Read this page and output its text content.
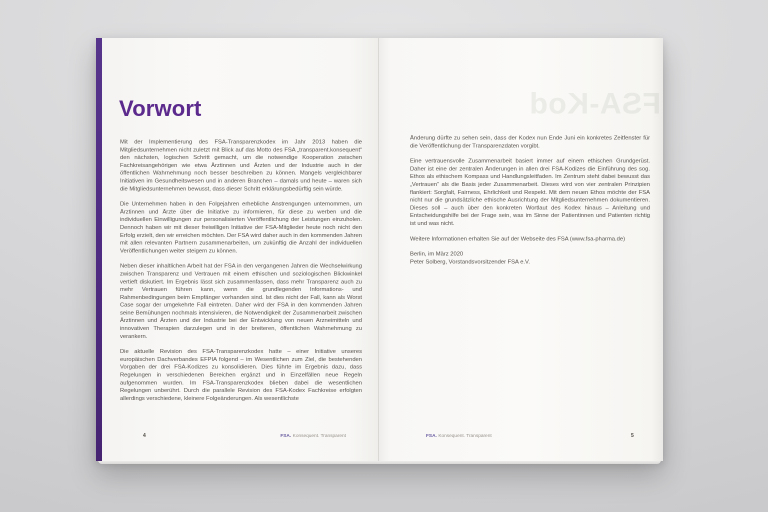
Vorwort

Mit der Implementierung des FSA-Transparenzkodex im Jahr 2013 haben die Mitgliedsunternehmen nicht zuletzt mit Blick auf das Motto des FSA „transparent.konsequent“ den nächsten, logischen Schritt gemacht, um die notwendige Kooperation zwischen Fachkreisangehörigen wie etwa Ärztinnen und Ärzten und der Industrie auch in der öffentlichen Wahrnehmung noch besser beschreiben zu können. Mangels vergleichbarer Initiativen im Gesundheitswesen und in anderen Branchen – damals und heute – waren sich die Mitgliedsunternehmen bewusst, dass dieser Schritt erklärungsbedürftig sein würde.

Die Unternehmen haben in den Folgejahren erhebliche Anstrengungen unternommen, um Ärztinnen und Ärzte über die Initiative zu informieren, für diese zu werben und die individuellen Einwilligungen zur personalisierten Veröffentlichung der Leistungen einzuholen. Dennoch haben wir mit dieser freiwilligen Initiative der FSA-Mitglieder heute noch nicht den Erfolg erzielt, den wir erreichen möchten. Der FSA wird daher auch in den kommenden Jahren mit allen relevanten Partnern zusammenarbeiten, um zukünftig die Anzahl der individuellen Veröffentlichungen weiter steigern zu können.

Neben dieser inhaltlichen Arbeit hat der FSA in den vergangenen Jahren die Wechselwirkung zwischen Transparenz und Vertrauen mit einem ethischen und soziologischen Blickwinkel vertieft diskutiert. Im Ergebnis lässt sich zusammenfassen, dass mehr Transparenz auch zu mehr Vertrauen führen kann, wenn die grundlegenden Informations- und Rahmenbedingungen beim Empfänger vorhanden sind. Ist dies nicht der Fall, kann als Worst Case sogar der umgekehrte Fall eintreten. Daher wird der FSA in den kommenden Jahren seine Bemühungen nochmals intensivieren, die Notwendigkeit der Zusammenarbeit zwischen Ärztinnen und Ärzten und der Industrie bei der Entwicklung von neuen Arzneimitteln und innovativen Therapien darzulegen und in der breiteren, öffentlichen Wahrnehmung zu verankern.

Die aktuelle Revision des FSA-Transparenzkodex hatte – einer Initiative unseres europäischen Dachverbandes EFPIA folgend – im Wesentlichen zum Ziel, die bestehenden Vorgaben der drei FSA-Kodizes zu konsolidieren. Dies führte im Ergebnis dazu, dass Regelungen in verschiedenen Bereichen ergänzt und in Einzelfällen neue Regeln aufgenommen wurden. Im FSA-Transparenzkodex blieben dabei die wesentlichen Regelungen unberührt. Durch die parallele Revision des FSA-Kodex Fachkreise erfolgten allerdings verschiedene, kleinere Folgeänderungen. Als wesentlichste

4	FSA. Konsequent. Transparent
FSA-Kod

Änderung dürfte zu sehen sein, dass der Kodex nun Ende Juni ein konkretes Zeitfenster für die Veröffentlichung der Transparenzdaten vorgibt.

Eine vertrauensvolle Zusammenarbeit basiert immer auf einem ethischen Grundgerüst. Daher ist eine der zentralen Änderungen in allen drei FSA-Kodizes die Einführung des sog. Ethos als ethischem Kompass und Handlungsleitfaden. Im Zentrum steht dabei bewusst das „Vertrauen“ als die Basis jeder Zusammenarbeit. Dieses wird von vier zentralen Prinzipien flankiert: Sorgfalt, Fairness, Ehrlichkeit und Respekt. Mit dem neuen Ethos möchte der FSA nicht nur die grundsätzliche ethische Ausrichtung der Mitgliedsunternehmen dokumentieren. Dieses soll – auch über den konkreten Wortlaut des Kodex hinaus – Anleitung und Entscheidungshilfe bei der Frage sein, was im Sinne der Patientinnen und Patienten richtig ist und was nicht.

Weitere Informationen erhalten Sie auf der Webseite des FSA (www.fsa-pharma.de)

Berlin, im März 2020
Peter Solberg, Vorstandsvorsitzender FSA e.V.
FSA. Konsequent. Transparent	5
